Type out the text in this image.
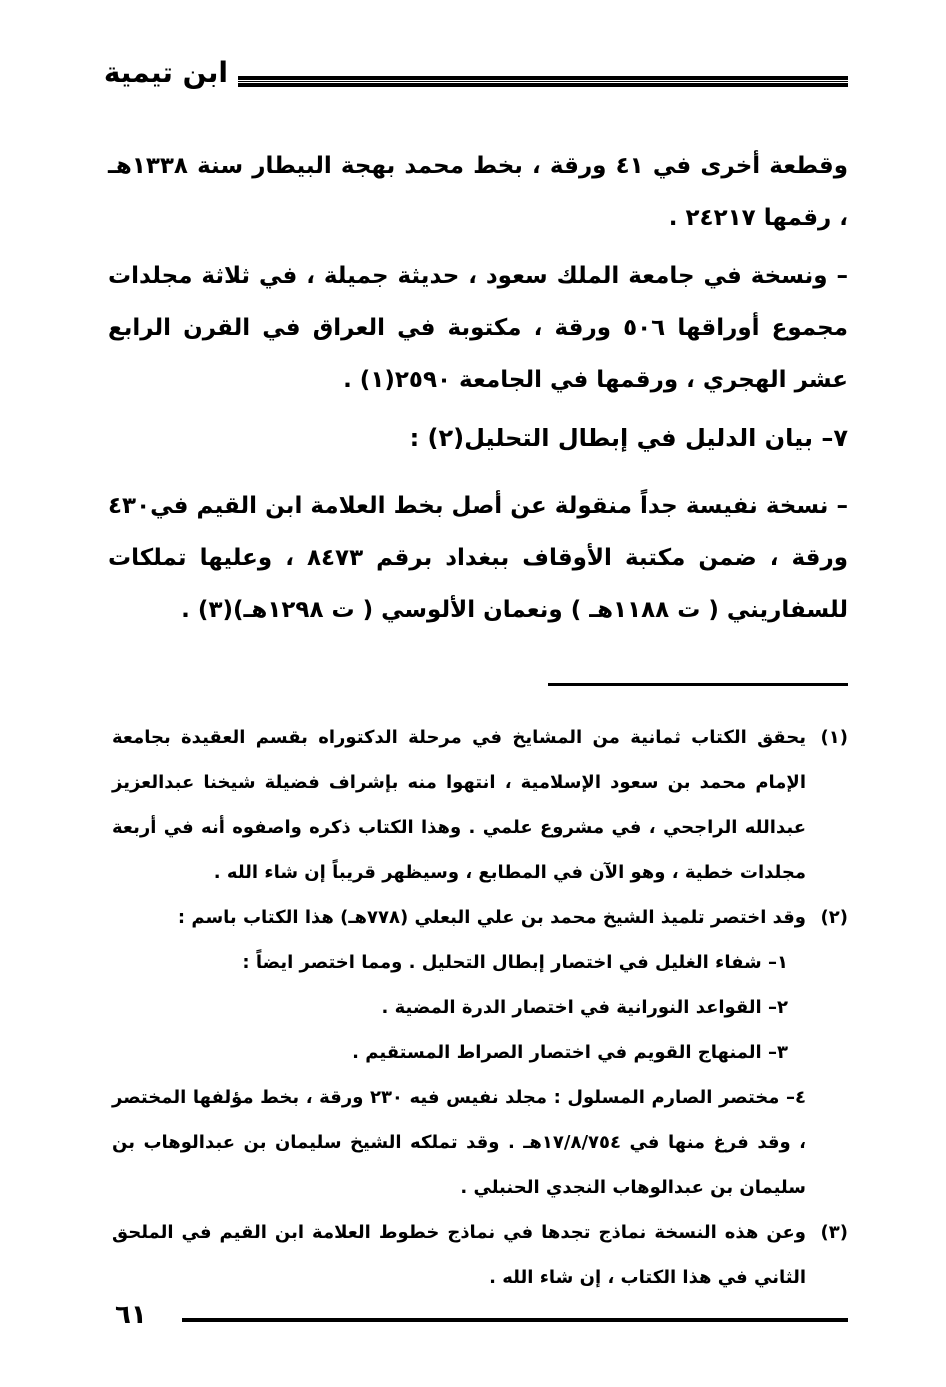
ابن تيمية
وقطعة أخرى في ٤١ ورقة ، بخط محمد بهجة البيطار سنة ١٣٣٨هـ ، رقمها ٢٤٢١٧ .
– ونسخة في جامعة الملك سعود ، حديثة جميلة ، في ثلاثة مجلدات مجموع أوراقها ٥٠٦ ورقة ، مكتوبة في العراق في القرن الرابع عشر الهجري ، ورقمها في الجامعة ٢٥٩٠(١) .
٧– بيان الدليل في إبطال التحليل(٢) :
– نسخة نفيسة جداً منقولة عن أصل بخط العلامة ابن القيم في٤٣٠ ورقة ، ضمن مكتبة الأوقاف ببغداد برقم ٨٤٧٣ ، وعليها تملكات للسفاريني ( ت ١١٨٨هـ ) ونعمان الألوسي ( ت ١٢٩٨هـ)(٣) .
(١)
يحقق الكتاب ثمانية من المشايخ في مرحلة الدكتوراه بقسم العقيدة بجامعة الإمام محمد بن سعود الإسلامية ، انتهوا منه بإشراف فضيلة شيخنا عبدالعزيز عبدالله الراجحي ، في مشروع علمي . وهذا الكتاب ذكره واصفوه أنه في أربعة مجلدات خطية ، وهو الآن في المطابع ، وسيظهر قريباً إن شاء الله .
(٢)
وقد اختصر تلميذ الشيخ محمد بن علي البعلي (٧٧٨هـ) هذا الكتاب باسم :
١– شفاء الغليل في اختصار إبطال التحليل . ومما اختصر ايضاً :
٢– القواعد النورانية في اختصار الدرة المضية .
٣– المنهاج القويم في اختصار الصراط المستقيم .
٤– مختصر الصارم المسلول : مجلد نفيس فيه ٢٣٠ ورقة ، بخط مؤلفها المختصر ، وقد فرغ منها في ١٧/٨/٧٥٤هـ . وقد تملكه الشيخ سليمان بن عبدالوهاب بن سليمان بن عبدالوهاب النجدي الحنبلي .
(٣)
وعن هذه النسخة نماذج تجدها في نماذج خطوط العلامة ابن القيم في الملحق الثاني في هذا الكتاب ، إن شاء الله .
٦١
